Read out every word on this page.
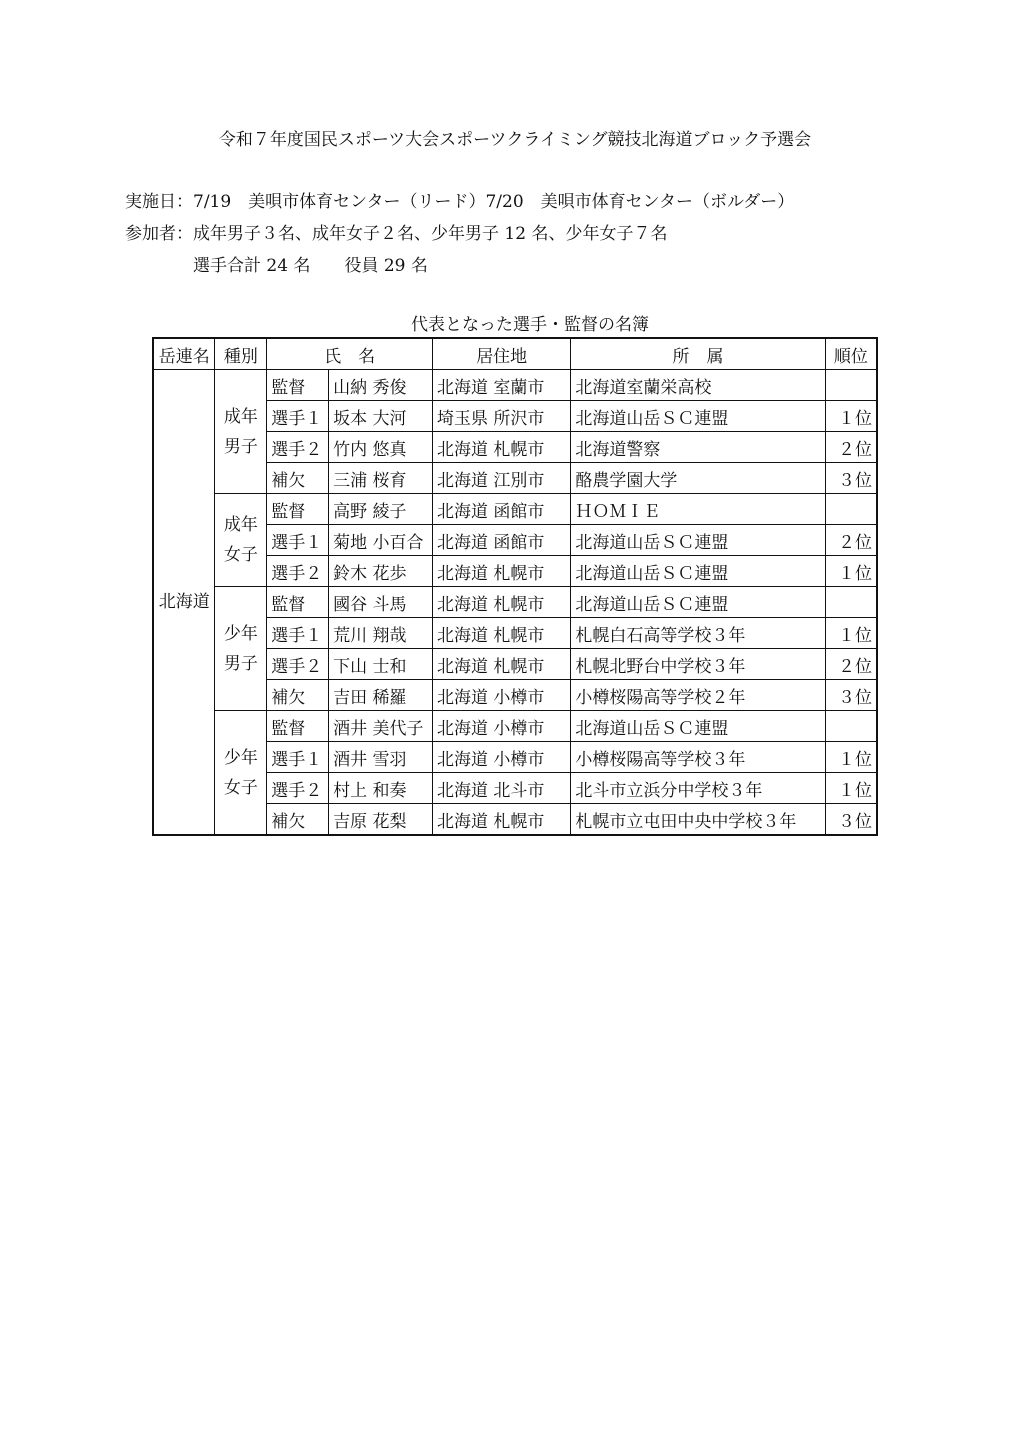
令和７年度国民スポーツ大会スポーツクライミング競技北海道ブロック予選会
実施日：7/19　美唄市体育センター（リード）7/20　美唄市体育センター（ボルダー）
参加者：成年男子３名、成年女子２名、少年男子 12 名、少年女子７名
選手合計 24 名　　役員 29 名
代表となった選手・監督の名簿
岳連名	種別	氏　名		居住地	所　属	順位
北海道	成年
男子	監督	山納 秀俊	北海道 室蘭市	北海道室蘭栄高校	
		選手１	坂本 大河	埼玉県 所沢市	北海道山岳ＳＣ連盟	１位
		選手２	竹内 悠真	北海道 札幌市	北海道警察	２位
		補欠	三浦 桜育	北海道 江別市	酪農学園大学	３位

	成年
女子	監督	高野 綾子	北海道 函館市	ＨＯＭＩＥ	
		選手１	菊地 小百合	北海道 函館市	北海道山岳ＳＣ連盟	２位
		選手２	鈴木 花歩	北海道 札幌市	北海道山岳ＳＣ連盟	１位

	少年
男子	監督	國谷 斗馬	北海道 札幌市	北海道山岳ＳＣ連盟	
		選手１	荒川 翔哉	北海道 札幌市	札幌白石高等学校３年	１位
		選手２	下山 士和	北海道 札幌市	札幌北野台中学校３年	２位
		補欠	吉田 稀羅	北海道 小樽市	小樽桜陽高等学校２年	３位

	少年
女子	監督	酒井 美代子	北海道 小樽市	北海道山岳ＳＣ連盟	
		選手１	酒井 雪羽	北海道 小樽市	小樽桜陽高等学校３年	１位
		選手２	村上 和奏	北海道 北斗市	北斗市立浜分中学校３年	１位
		補欠	吉原 花梨	北海道 札幌市	札幌市立屯田中央中学校３年	３位
